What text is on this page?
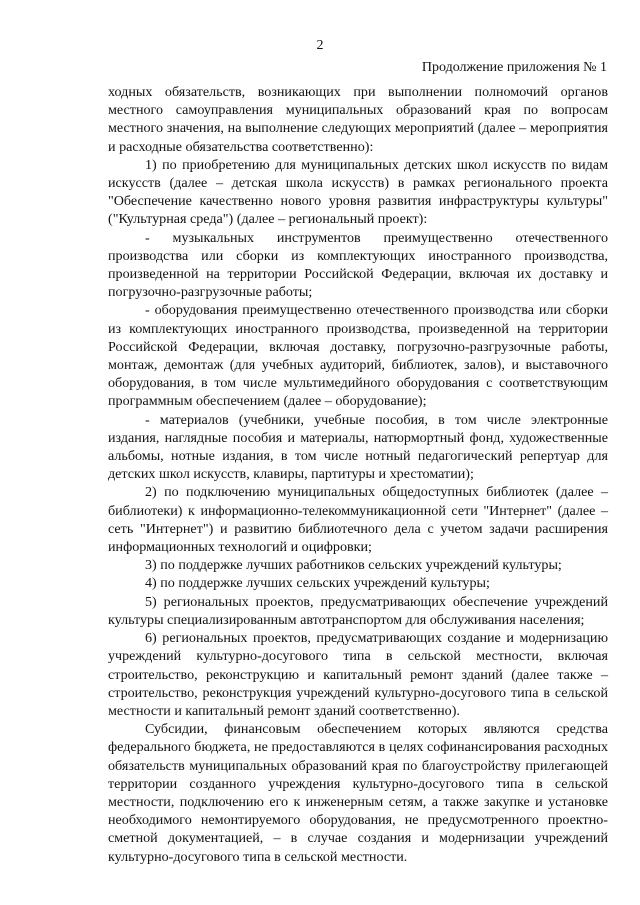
2
Продолжение приложения № 1

ходных обязательств, возникающих при выполнении полномочий органов местного самоуправления муниципальных образований края по вопросам местного значения, на выполнение следующих мероприятий (далее – мероприятия и расходные обязательства соответственно):

1) по приобретению для муниципальных детских школ искусств по видам искусств (далее – детская школа искусств) в рамках регионального проекта "Обеспечение качественно нового уровня развития инфраструктуры культуры" ("Культурная среда") (далее – региональный проект):

- музыкальных инструментов преимущественно отечественного производства или сборки из комплектующих иностранного производства, произведенной на территории Российской Федерации, включая их доставку и погрузочно-разгрузочные работы;

- оборудования преимущественно отечественного производства или сборки из комплектующих иностранного производства, произведенной на территории Российской Федерации, включая доставку, погрузочно-разгрузочные работы, монтаж, демонтаж (для учебных аудиторий, библиотек, залов), и выставочного оборудования, в том числе мультимедийного оборудования с соответствующим программным обеспечением (далее – оборудование);

- материалов (учебники, учебные пособия, в том числе электронные издания, наглядные пособия и материалы, натюрмортный фонд, художественные альбомы, нотные издания, в том числе нотный педагогический репертуар для детских школ искусств, клавиры, партитуры и хрестоматии);

2) по подключению муниципальных общедоступных библиотек (далее – библиотеки) к информационно-телекоммуникационной сети "Интернет" (далее – сеть "Интернет") и развитию библиотечного дела с учетом задачи расширения информационных технологий и оцифровки;

3) по поддержке лучших работников сельских учреждений культуры;

4) по поддержке лучших сельских учреждений культуры;

5) региональных проектов, предусматривающих обеспечение учреждений культуры специализированным автотранспортом для обслуживания населения;

6) региональных проектов, предусматривающих создание и модернизацию учреждений культурно-досугового типа в сельской местности, включая строительство, реконструкцию и капитальный ремонт зданий (далее также – строительство, реконструкция учреждений культурно-досугового типа в сельской местности и капитальный ремонт зданий соответственно).

Субсидии, финансовым обеспечением которых являются средства федерального бюджета, не предоставляются в целях софинансирования расходных обязательств муниципальных образований края по благоустройству прилегающей территории созданного учреждения культурно-досугового типа в сельской местности, подключению его к инженерным сетям, а также закупке и установке необходимого немонтируемого оборудования, не предусмотренного проектно-сметной документацией, – в случае создания и модернизации учреждений культурно-досугового типа в сельской местности.
